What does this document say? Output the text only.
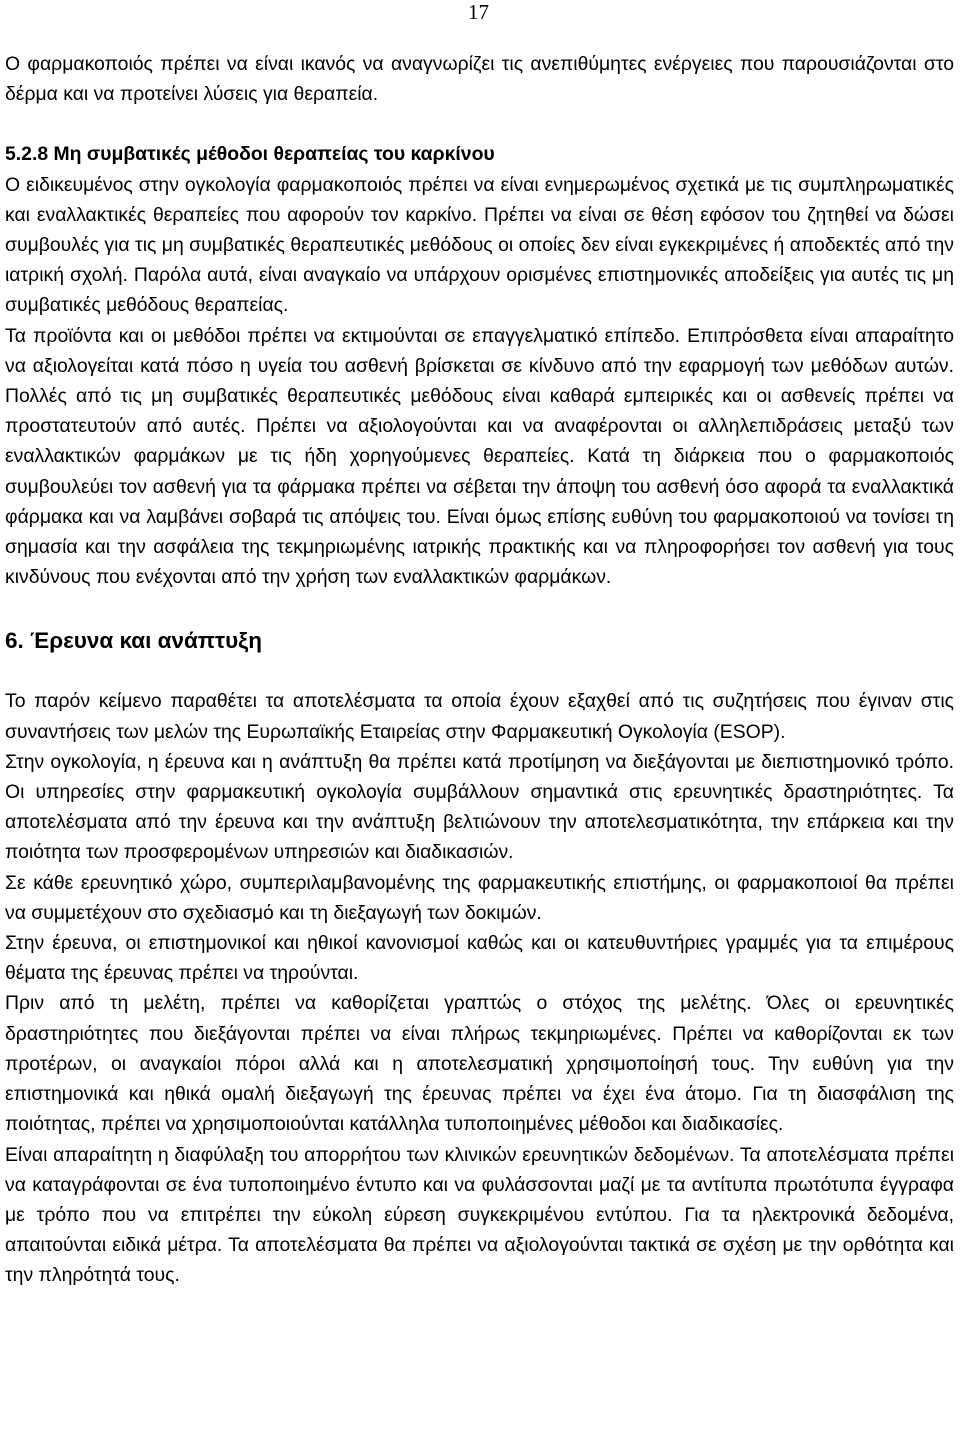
17

Ο φαρμακοποιός πρέπει να είναι ικανός να αναγνωρίζει τις ανεπιθύμητες ενέργειες που παρουσιάζονται στο δέρμα και να προτείνει λύσεις για θεραπεία.

5.2.8 Μη συμβατικές μέθοδοι θεραπείας του καρκίνου

Ο ειδικευμένος στην ογκολογία φαρμακοποιός πρέπει να είναι ενημερωμένος σχετικά με τις συμπληρωματικές και εναλλακτικές θεραπείες που αφορούν τον καρκίνο. Πρέπει να είναι σε θέση εφόσον του ζητηθεί να δώσει συμβουλές για τις μη συμβατικές θεραπευτικές μεθόδους οι οποίες δεν είναι εγκεκριμένες ή αποδεκτές από την ιατρική σχολή. Παρόλα αυτά, είναι αναγκαίο να υπάρχουν ορισμένες επιστημονικές αποδείξεις για αυτές τις μη συμβατικές μεθόδους θεραπείας.

Τα προϊόντα και οι μεθόδοι πρέπει να εκτιμούνται σε επαγγελματικό επίπεδο. Επιπρόσθετα είναι απαραίτητο να αξιολογείται κατά πόσο η υγεία του ασθενή βρίσκεται σε κίνδυνο από την εφαρμογή των μεθόδων αυτών. Πολλές από τις μη συμβατικές θεραπευτικές μεθόδους είναι καθαρά εμπειρικές και οι ασθενείς πρέπει να προστατευτούν από αυτές. Πρέπει να αξιολογούνται και να αναφέρονται οι αλληλεπιδράσεις μεταξύ των εναλλακτικών φαρμάκων με τις ήδη χορηγούμενες θεραπείες. Κατά τη διάρκεια που ο φαρμακοποιός συμβουλεύει τον ασθενή για τα φάρμακα πρέπει να σέβεται την άποψη του ασθενή όσο αφορά τα εναλλακτικά φάρμακα και να λαμβάνει σοβαρά τις απόψεις του. Είναι όμως επίσης ευθύνη του φαρμακοποιού να τονίσει τη σημασία και την ασφάλεια της τεκμηριωμένης ιατρικής πρακτικής και να πληροφορήσει τον ασθενή για τους κινδύνους που ενέχονται από την χρήση των εναλλακτικών φαρμάκων.

6. Έρευνα και ανάπτυξη

Το παρόν κείμενο παραθέτει τα αποτελέσματα τα οποία έχουν εξαχθεί από τις συζητήσεις που έγιναν στις συναντήσεις των μελών της Ευρωπαϊκής Εταιρείας στην Φαρμακευτική Ογκολογία (ESOP).

Στην ογκολογία, η έρευνα και η ανάπτυξη θα πρέπει κατά προτίμηση να διεξάγονται με διεπιστημονικό τρόπο. Οι υπηρεσίες στην φαρμακευτική ογκολογία συμβάλλουν σημαντικά στις ερευνητικές δραστηριότητες. Τα αποτελέσματα από την έρευνα και την ανάπτυξη βελτιώνουν την αποτελεσματικότητα, την επάρκεια και την ποιότητα των προσφερομένων υπηρεσιών και διαδικασιών.

Σε κάθε ερευνητικό χώρο, συμπεριλαμβανομένης της φαρμακευτικής επιστήμης, οι φαρμακοποιοί θα πρέπει να συμμετέχουν στο σχεδιασμό και τη διεξαγωγή των δοκιμών.

Στην έρευνα, οι επιστημονικοί και ηθικοί κανονισμοί καθώς και οι κατευθυντήριες γραμμές για τα επιμέρους θέματα της έρευνας πρέπει να τηρούνται.

Πριν από τη μελέτη, πρέπει να καθορίζεται γραπτώς ο στόχος της μελέτης. Όλες οι ερευνητικές δραστηριότητες που διεξάγονται πρέπει να είναι πλήρως τεκμηριωμένες. Πρέπει να καθορίζονται εκ των προτέρων, οι αναγκαίοι πόροι αλλά και η αποτελεσματική χρησιμοποίησή τους. Την ευθύνη για την επιστημονικά και ηθικά ομαλή διεξαγωγή της έρευνας πρέπει να έχει ένα άτομο. Για τη διασφάλιση της ποιότητας, πρέπει να χρησιμοποιούνται κατάλληλα τυποποιημένες μέθοδοι και διαδικασίες.

Είναι απαραίτητη η διαφύλαξη του απορρήτου των κλινικών ερευνητικών δεδομένων. Τα αποτελέσματα πρέπει να καταγράφονται σε ένα τυποποιημένο έντυπο και να φυλάσσονται μαζί με τα αντίτυπα πρωτότυπα έγγραφα με τρόπο που να επιτρέπει την εύκολη εύρεση συγκεκριμένου εντύπου. Για τα ηλεκτρονικά δεδομένα, απαιτούνται ειδικά μέτρα. Τα αποτελέσματα θα πρέπει να αξιολογούνται τακτικά σε σχέση με την ορθότητα και την πληρότητά τους.
